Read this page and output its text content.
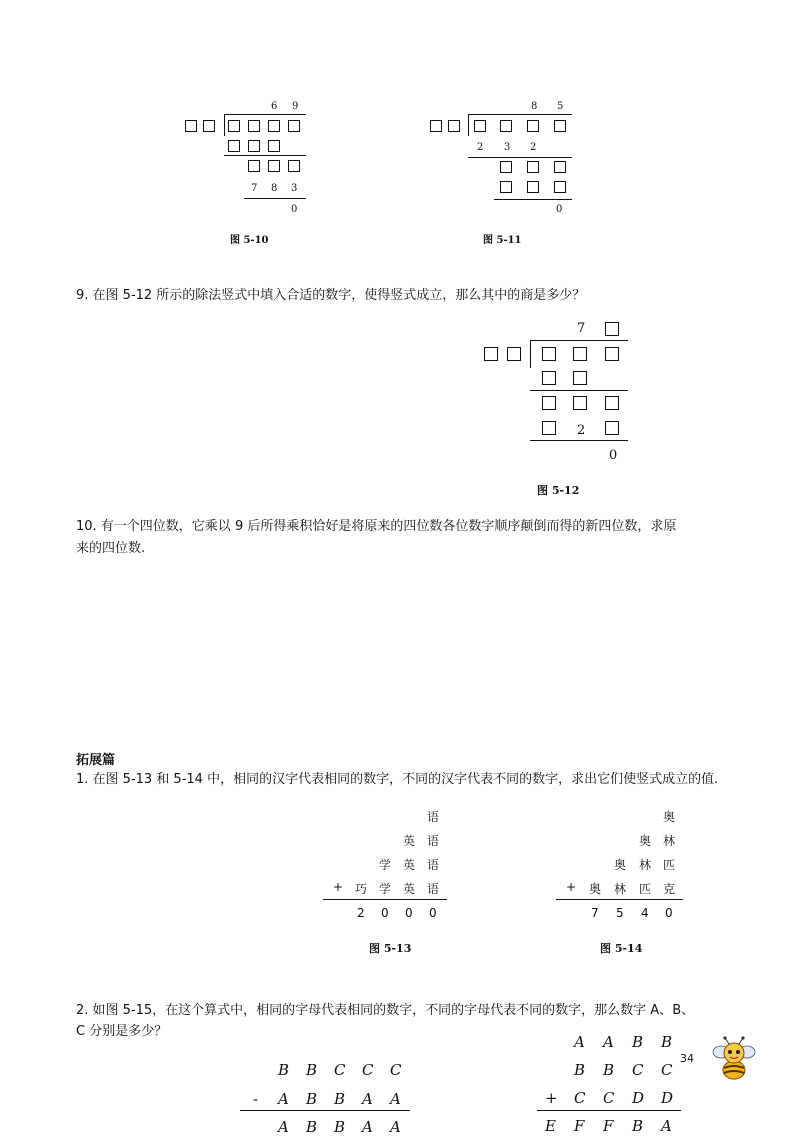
6 9
7 8 3
0
图 5-10
8 5
2 3 2
0
图 5-11
9. 在图 5-12 所示的除法竖式中填入合适的数字，使得竖式成立，那么其中的商是多少？
7
2
0
图 5-12
10. 有一个四位数，它乘以 9 后所得乘积恰好是将原来的四位数各位数字顺序颠倒而得的新四位数，求原
来的四位数.
拓展篇
1. 在图 5-13 和 5-14 中，相同的汉字代表相同的数字，不同的汉字代表不同的数字，求出它们使竖式成立的值.
语
英 语
学 英 语
+ 巧 学 英 语
2 0 0 0
图 5-13
奥
奥 林
奥 林 匹
+ 奥 林 匹 克
7 5 4 0
图 5-14
2. 如图 5-15，在这个算式中，相同的字母代表相同的数字，不同的字母代表不同的数字，那么数字 A、B、
C 分别是多少？
B B C C C
- A B B A A
A B B A A
A A B B
B B C C
+ C C D D
E F F B A
34
